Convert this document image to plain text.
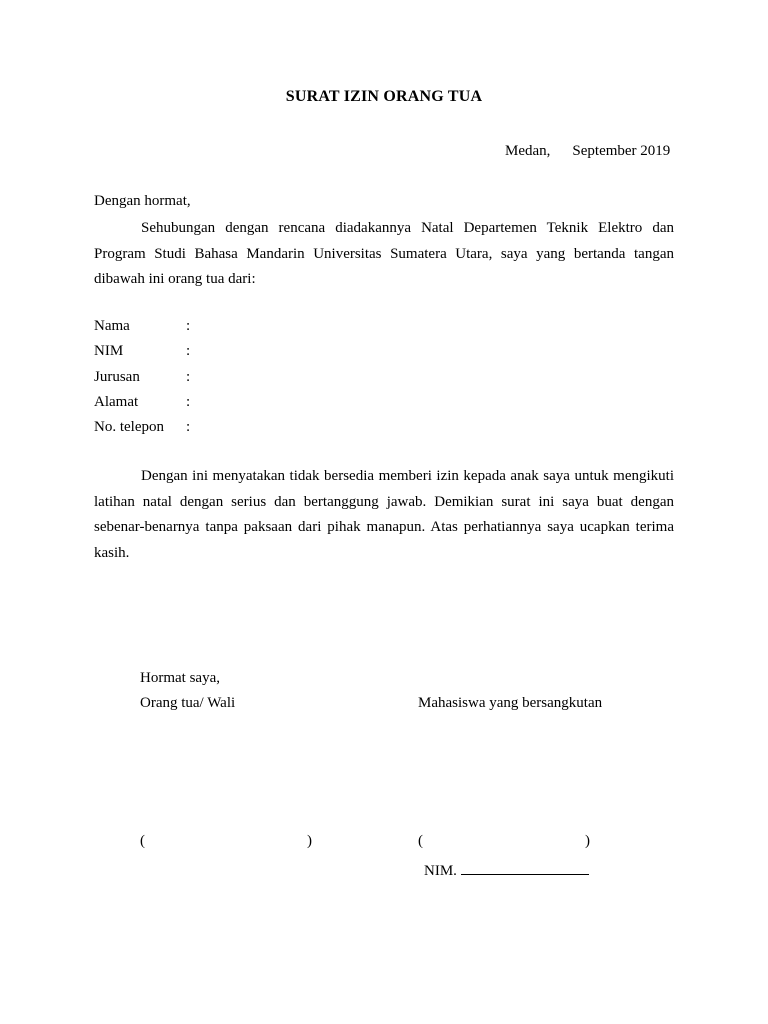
SURAT IZIN ORANG TUA
Medan, September 2019
Dengan hormat,
Sehubungan dengan rencana diadakannya Natal Departemen Teknik Elektro dan Program Studi Bahasa Mandarin Universitas Sumatera Utara, saya yang bertanda tangan dibawah ini orang tua dari:
Nama	:
NIM	:
Jurusan	:
Alamat	:
No. telepon :
Dengan ini menyatakan tidak bersedia memberi izin kepada anak saya untuk mengikuti latihan natal dengan serius dan bertanggung jawab. Demikian surat ini saya buat dengan sebenar-benarnya tanpa paksaan dari pihak manapun. Atas perhatiannya saya ucapkan terima kasih.
Hormat saya,
Orang tua/ Wali	Mahasiswa yang bersangkutan
(	)	(	)
NIM.
